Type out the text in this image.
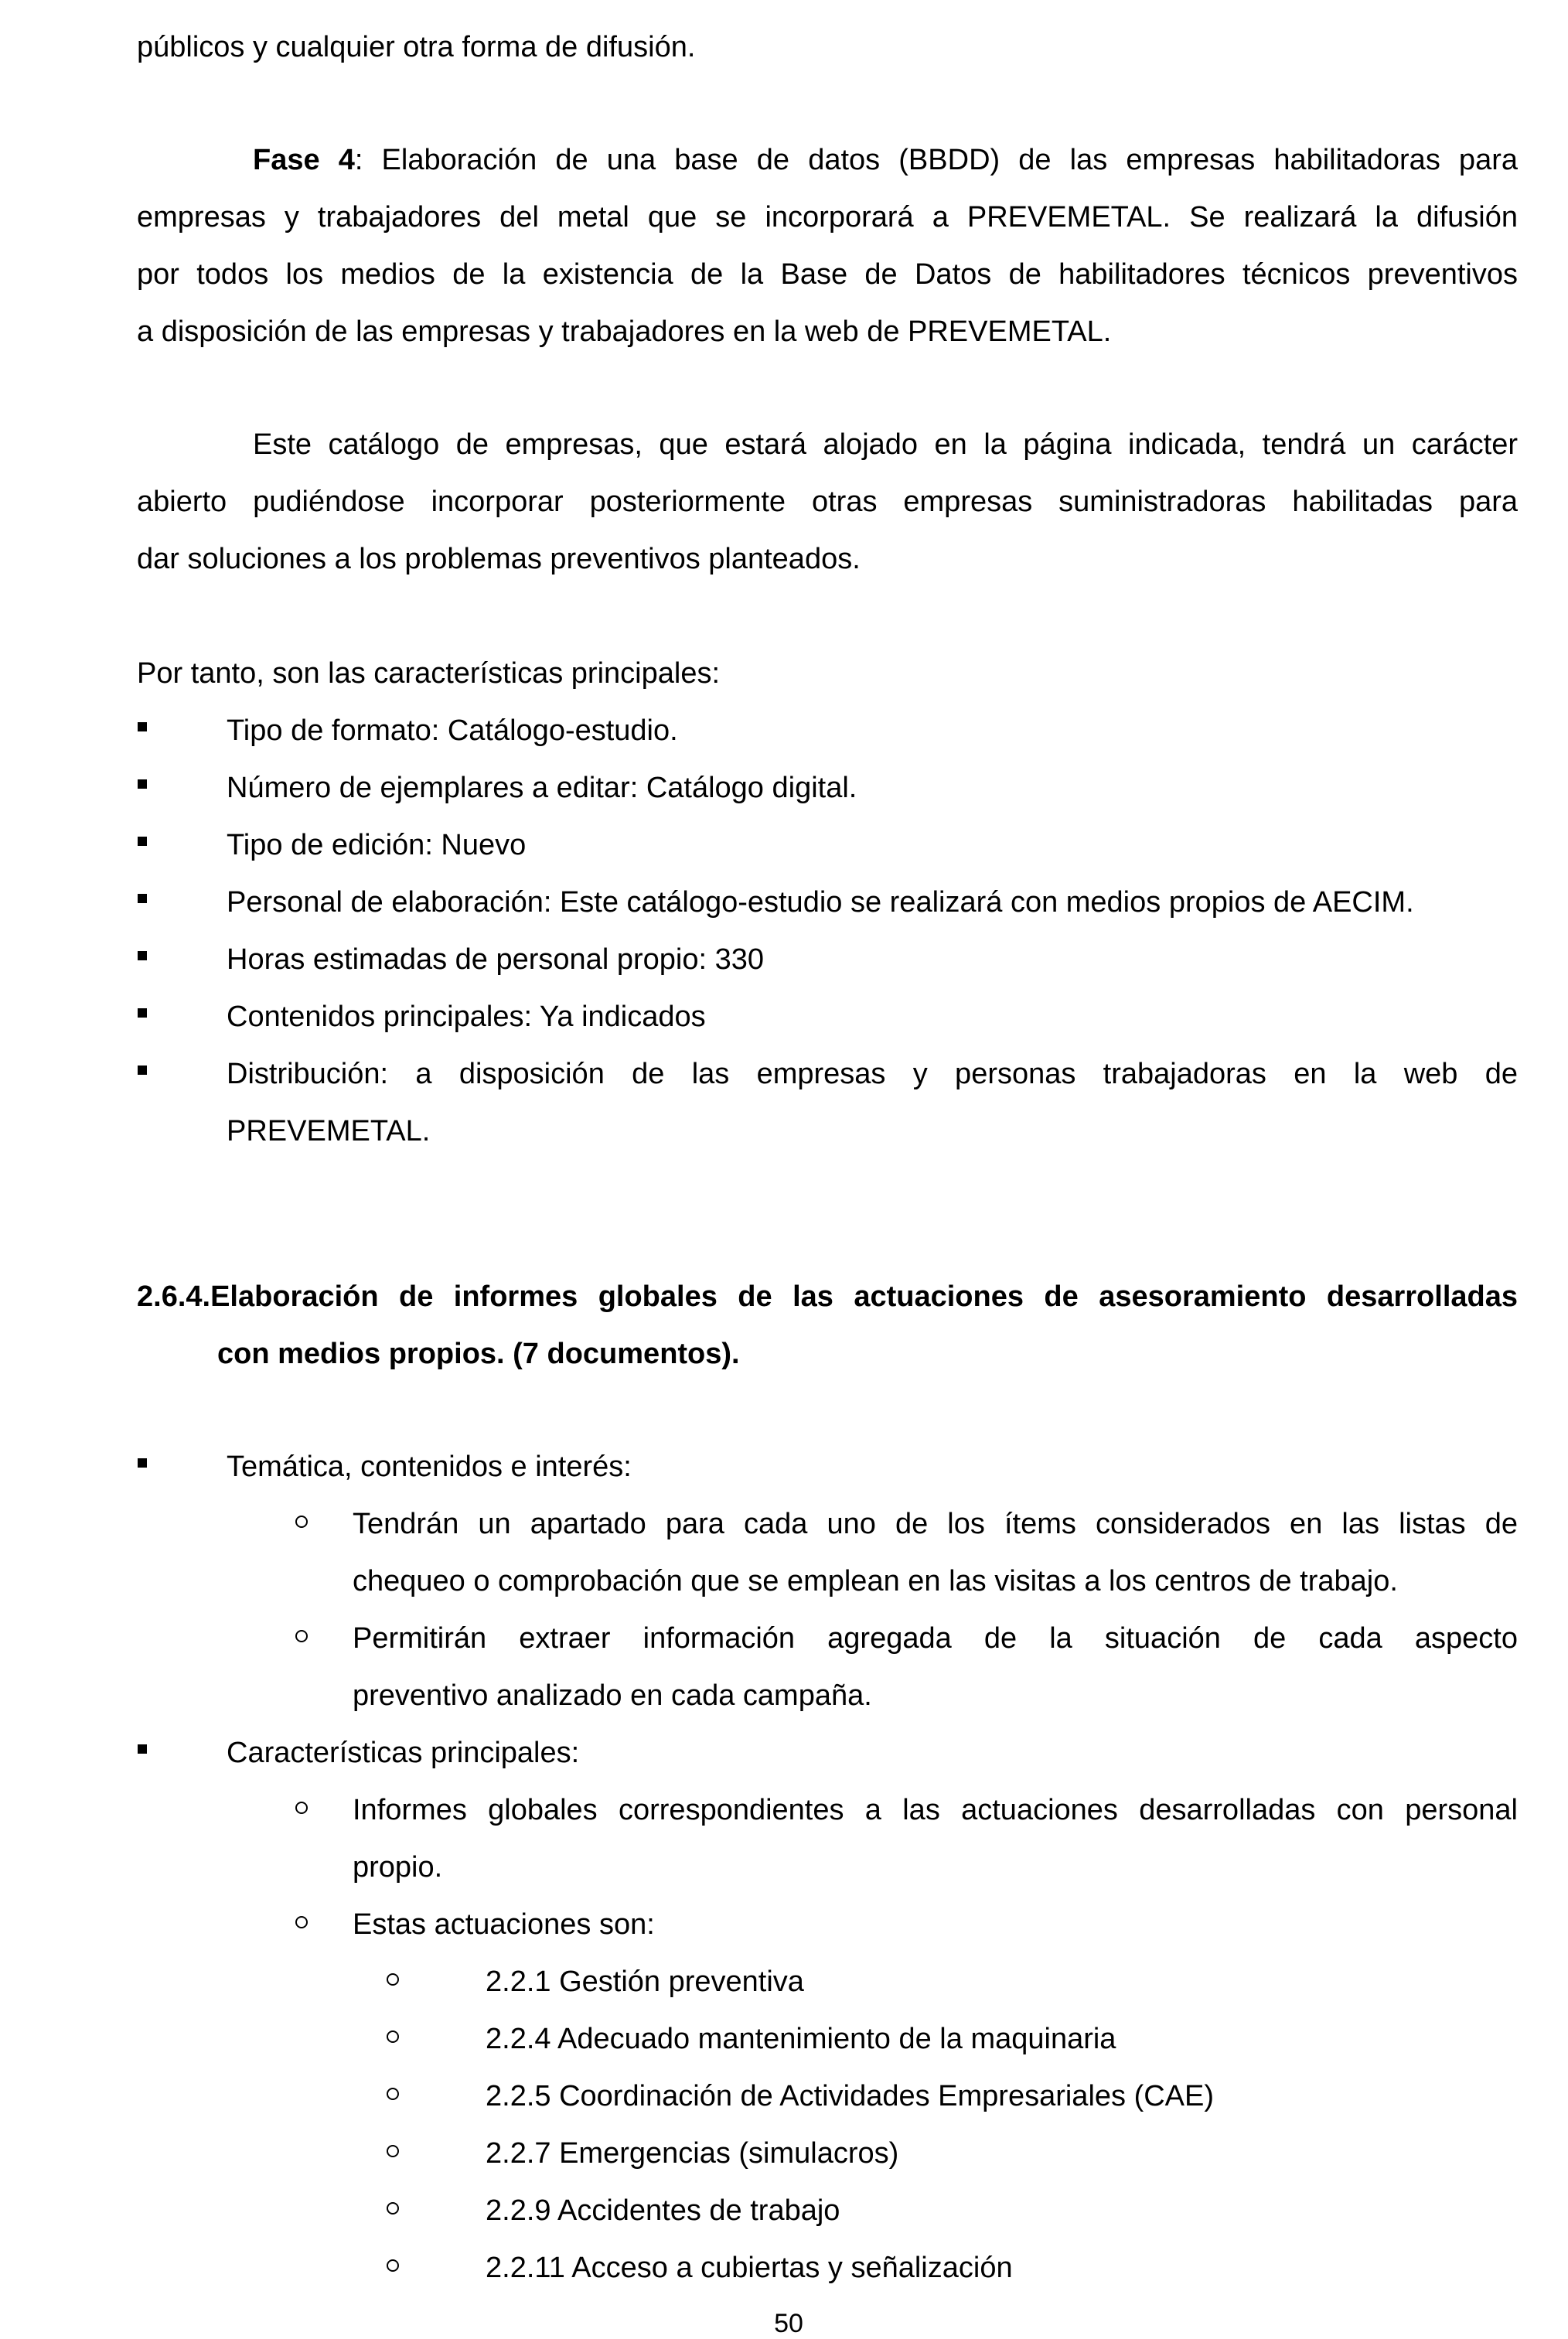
públicos y cualquier otra forma de difusión.
Fase 4: Elaboración de una base de datos (BBDD) de las empresas habilitadoras para
empresas y trabajadores del metal que se incorporará a PREVEMETAL. Se realizará la difusión
por todos los medios de la existencia de la Base de Datos de habilitadores técnicos preventivos
a disposición de las empresas y trabajadores en la web de PREVEMETAL.
Este catálogo de empresas, que estará alojado en la página indicada, tendrá un carácter
abierto pudiéndose incorporar posteriormente otras empresas suministradoras habilitadas para
dar soluciones a los problemas preventivos planteados.
Por tanto, son las características principales:
Tipo de formato: Catálogo-estudio.
Número de ejemplares a editar: Catálogo digital.
Tipo de edición: Nuevo
Personal de elaboración: Este catálogo-estudio se realizará con medios propios de AECIM.
Horas estimadas de personal propio: 330
Contenidos principales: Ya indicados
Distribución: a disposición de las empresas y personas trabajadoras en la web de
PREVEMETAL.
2.6.4.Elaboración de informes globales de las actuaciones de asesoramiento desarrolladas
con medios propios. (7 documentos).
Temática, contenidos e interés:
Tendrán un apartado para cada uno de los ítems considerados en las listas de
chequeo o comprobación que se emplean en las visitas a los centros de trabajo.
Permitirán extraer información agregada de la situación de cada aspecto
preventivo analizado en cada campaña.
Características principales:
Informes globales correspondientes a las actuaciones desarrolladas con personal
propio.
Estas actuaciones son:
2.2.1 Gestión preventiva
2.2.4 Adecuado mantenimiento de la maquinaria
2.2.5 Coordinación de Actividades Empresariales (CAE)
2.2.7 Emergencias (simulacros)
2.2.9 Accidentes de trabajo
2.2.11 Acceso a cubiertas y señalización
50
